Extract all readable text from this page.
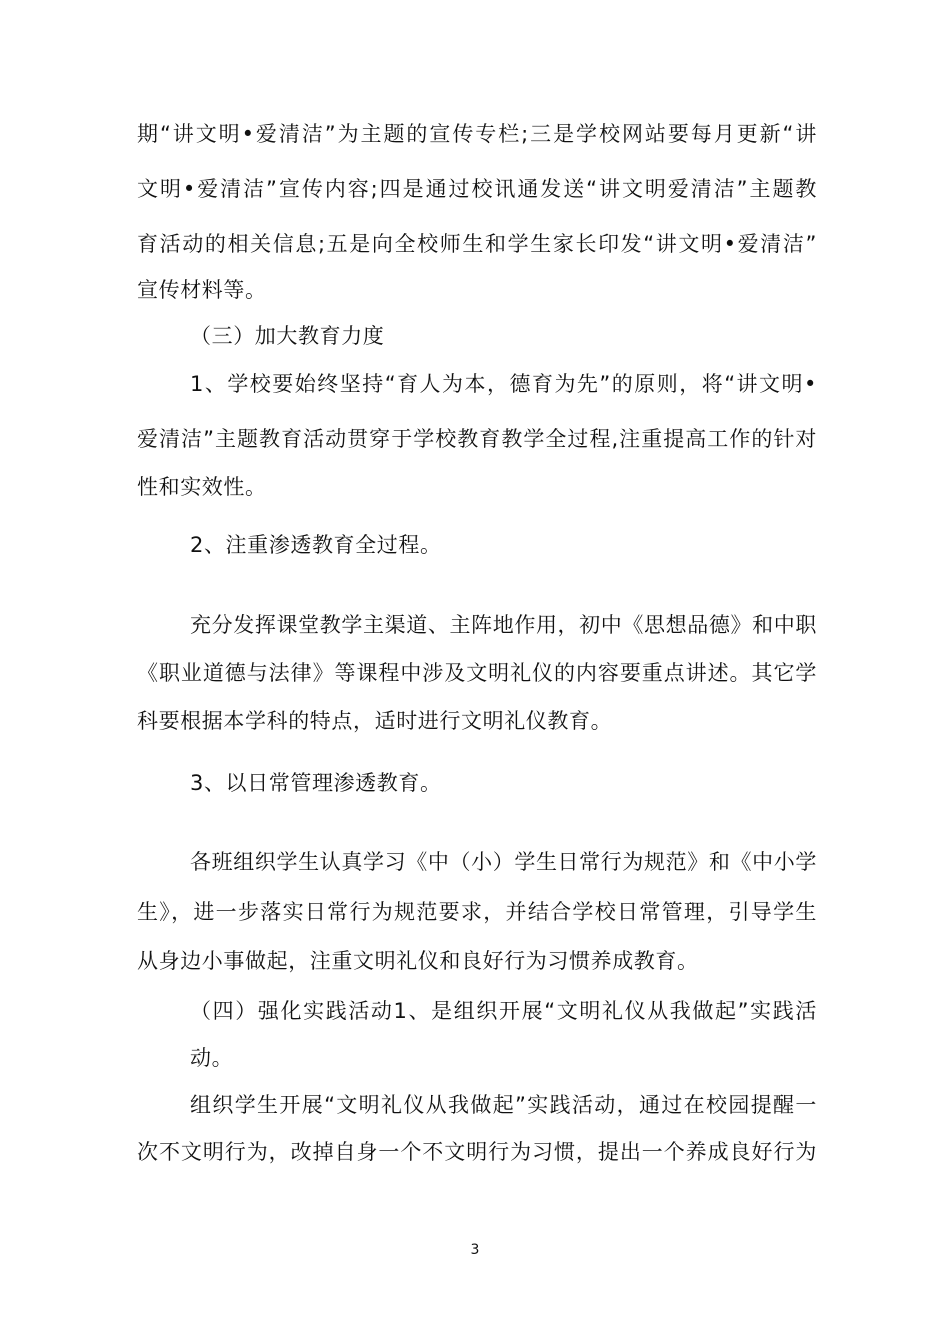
期“讲文明•爱清洁”为主题的宣传专栏;三是学校网站要每月更新“讲
文明•爱清洁”宣传内容;四是通过校讯通发送“讲文明爱清洁”主题教
育活动的相关信息;五是向全校师生和学生家长印发“讲文明•爱清洁”
宣传材料等。
（三）加大教育力度
1、学校要始终坚持“育人为本，德育为先”的原则，将“讲文明•
爱清洁”主题教育活动贯穿于学校教育教学全过程,注重提高工作的针对
性和实效性。
2、注重渗透教育全过程。
充分发挥课堂教学主渠道、主阵地作用，初中《思想品德》和中职
《职业道德与法律》等课程中涉及文明礼仪的内容要重点讲述。其它学
科要根据本学科的特点，适时进行文明礼仪教育。
3、以日常管理渗透教育。
各班组织学生认真学习《中（小）学生日常行为规范》和《中小学
生》，进一步落实日常行为规范要求，并结合学校日常管理，引导学生
从身边小事做起，注重文明礼仪和良好行为习惯养成教育。
（四）强化实践活动1、是组织开展“文明礼仪从我做起”实践活
动。
组织学生开展“文明礼仪从我做起”实践活动，通过在校园提醒一
次不文明行为，改掉自身一个不文明行为习惯，提出一个养成良好行为
3
